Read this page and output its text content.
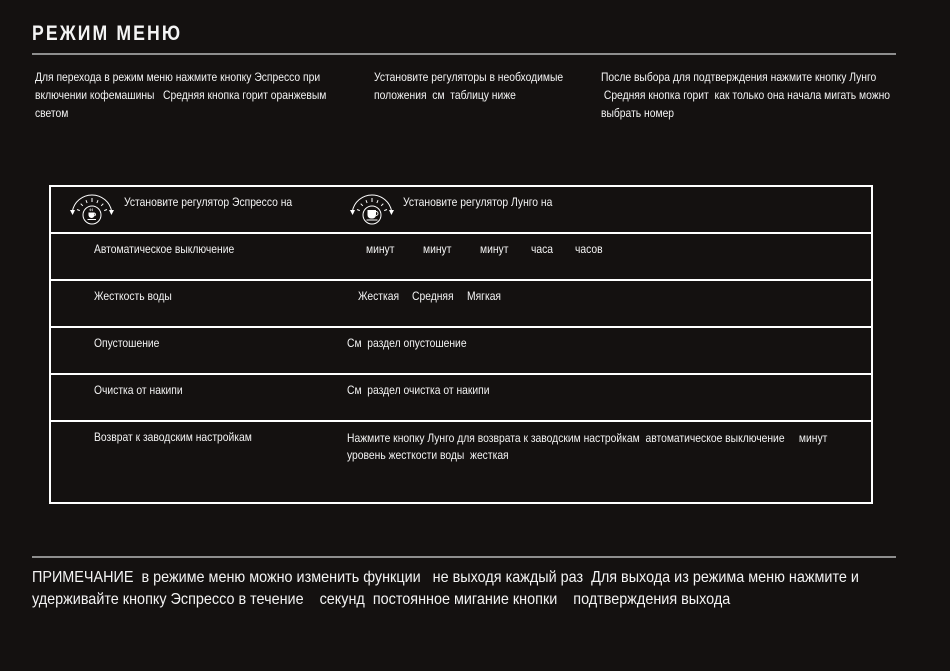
РЕЖИМ МЕНЮ
Для перехода в режим меню нажмите кнопку Эспрессо при
включении кофемашины   Средняя кнопка горит оранжевым
светом
Установите регуляторы в необходимые
положения  см  таблицу ниже
После выбора для подтверждения нажмите кнопку Лунго
Средняя кнопка горит  как только она начала мигать можно
выбрать номер
Установите регулятор Эспрессо на	Установите регулятор Лунго на
Автоматическое выключение	минут минут минут часа часов
Жесткость воды	Жесткая Средняя Мягкая
Опустошение	См  раздел опустошение
Очистка от накипи	См  раздел очистка от накипи
Возврат к заводским настройкам	Нажмите кнопку Лунго для возврата к заводским настройкам  автоматическое выключение     минут
уровень жесткости воды  жесткая
ПРИМЕЧАНИЕ  в режиме меню можно изменить функции   не выходя каждый раз  Для выхода из режима меню нажмите и
удерживайте кнопку Эспрессо в течение    секунд  постоянное мигание кнопки    подтверждения выхода
